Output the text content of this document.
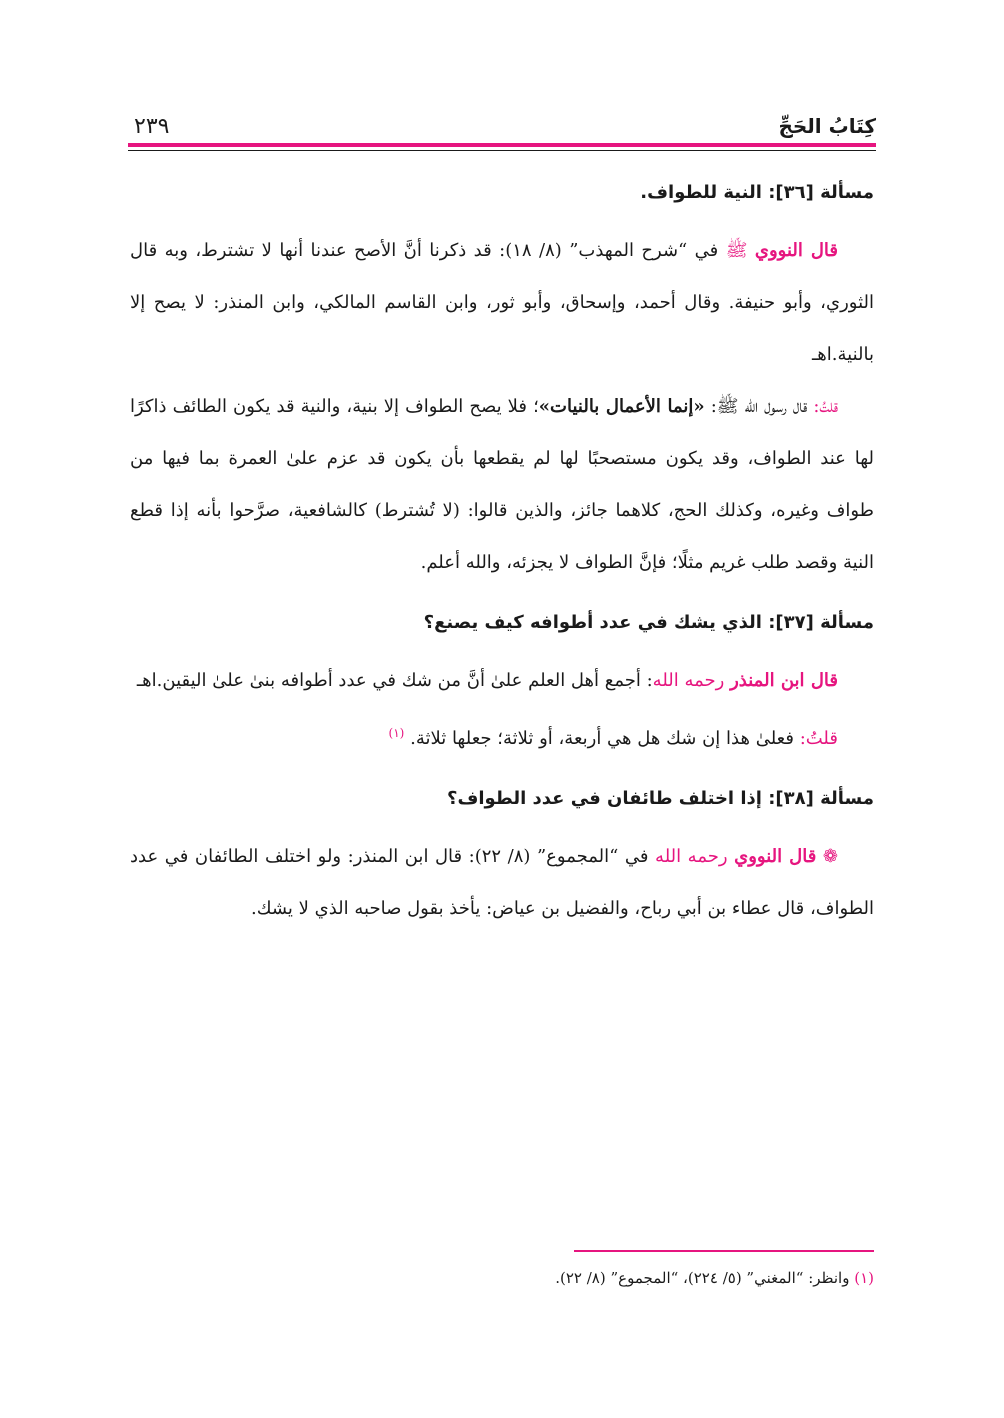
كِتَابُ الحَجِّ
٢٣٩
مسألة [٣٦]: النية للطواف.

قال النووي ﷺ في “شرح المهذب” (٨/ ١٨): قد ذكرنا أنَّ الأصح عندنا أنها لا تشترط، وبه قال الثوري، وأبو حنيفة. وقال أحمد، وإسحاق، وأبو ثور، وابن القاسم المالكي، وابن المنذر: لا يصح إلا بالنية.اهـ

قلتُ: قال رسول الله ﷺ: «إنما الأعمال بالنيات»؛ فلا يصح الطواف إلا بنية، والنية قد يكون الطائف ذاكرًا لها عند الطواف، وقد يكون مستصحبًا لها لم يقطعها بأن يكون قد عزم علىٰ العمرة بما فيها من طواف وغيره، وكذلك الحج، كلاهما جائز، والذين قالوا: (لا تُشترط) كالشافعية، صرَّحوا بأنه إذا قطع النية وقصد طلب غريم مثلًا؛ فإنَّ الطواف لا يجزئه، والله أعلم.

مسألة [٣٧]: الذي يشك في عدد أطوافه كيف يصنع؟

قال ابن المنذر رحمه الله: أجمع أهل العلم علىٰ أنَّ من شك في عدد أطوافه بنىٰ علىٰ اليقين.اهـ

قلتُ: فعلىٰ هذا إن شك هل هي أربعة، أو ثلاثة؛ جعلها ثلاثة. $^{(١)}$

مسألة [٣٨]: إذا اختلف طائفان في عدد الطواف؟

❁ قال النووي رحمه الله في “المجموع” (٨/ ٢٢): قال ابن المنذر: ولو اختلف الطائفان في عدد الطواف، قال عطاء بن أبي رباح، والفضيل بن عياض: يأخذ بقول صاحبه الذي لا يشك.

(١) وانظر: “المغني” (٥/ ٢٢٤)، “المجموع” (٨/ ٢٢).
